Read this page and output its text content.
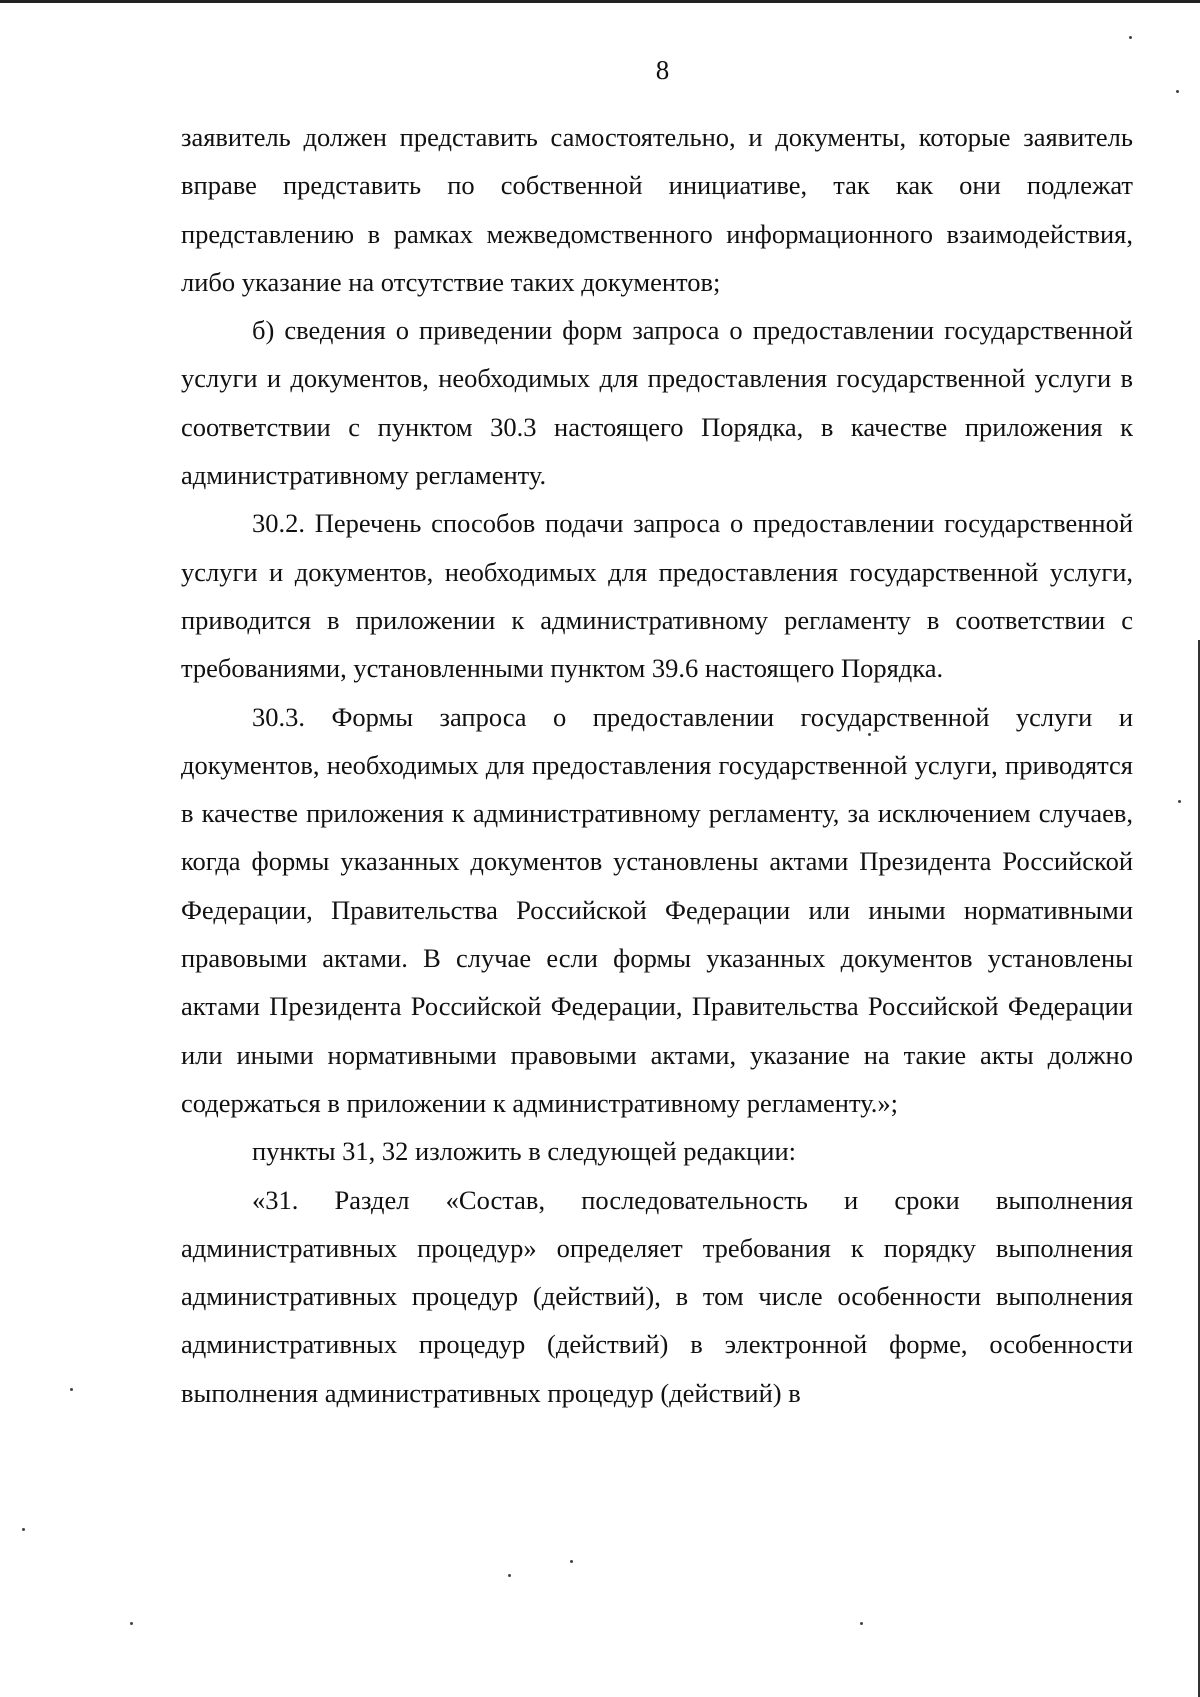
8

заявитель должен представить самостоятельно, и документы, которые заявитель вправе представить по собственной инициативе, так как они подлежат представлению в рамках межведомственного информационного взаимодействия, либо указание на отсутствие таких документов;

б) сведения о приведении форм запроса о предоставлении государственной услуги и документов, необходимых для предоставления государственной услуги в соответствии с пунктом 30.3 настоящего Порядка, в качестве приложения к административному регламенту.

30.2. Перечень способов подачи запроса о предоставлении государственной услуги и документов, необходимых для предоставления государственной услуги, приводится в приложении к административному регламенту в соответствии с требованиями, установленными пунктом 39.6 настоящего Порядка.

30.3. Формы запроса о предоставлении государственной услуги и документов, необходимых для предоставления государственной услуги, приводятся в качестве приложения к административному регламенту, за исключением случаев, когда формы указанных документов установлены актами Президента Российской Федерации, Правительства Российской Федерации или иными нормативными правовыми актами. В случае если формы указанных документов установлены актами Президента Российской Федерации, Правительства Российской Федерации или иными нормативными правовыми актами, указание на такие акты должно содержаться в приложении к административному регламенту.»;

пункты 31, 32 изложить в следующей редакции:

«31. Раздел «Состав, последовательность и сроки выполнения административных процедур» определяет требования к порядку выполнения административных процедур (действий), в том числе особенности выполнения административных процедур (действий) в электронной форме, особенности выполнения административных процедур (действий) в
